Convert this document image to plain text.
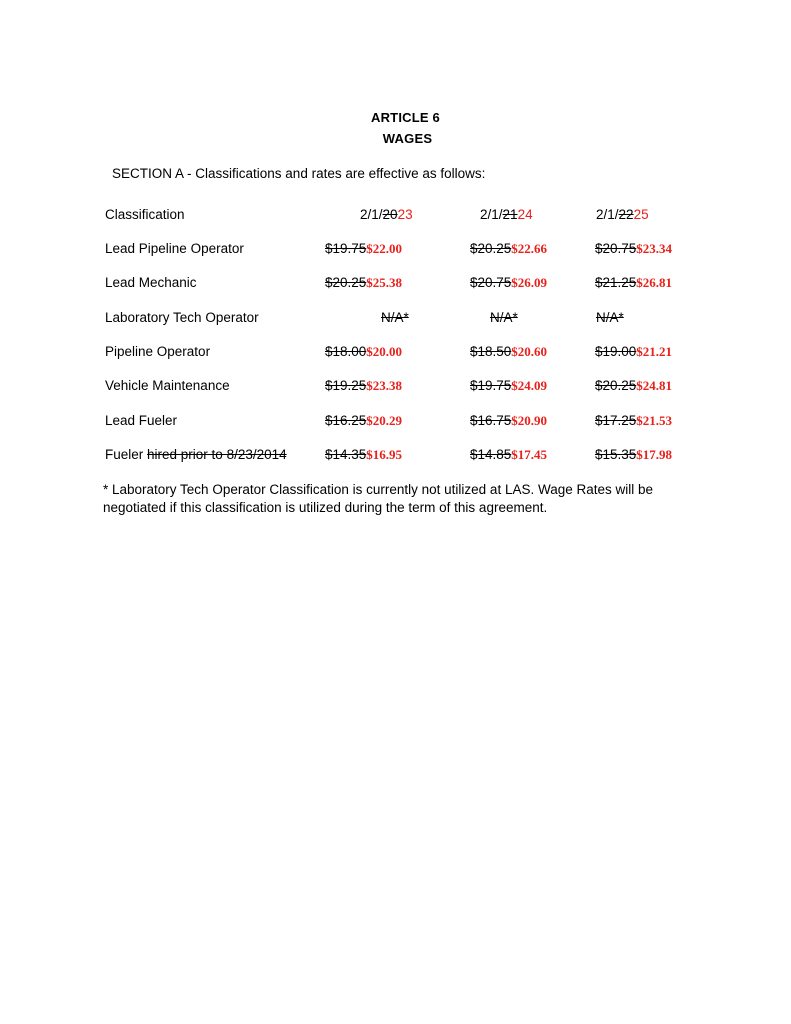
ARTICLE 6
WAGES
SECTION A - Classifications and rates are effective as follows:
Classification	2/1/2023	2/1/2124	2/1/2225
Lead Pipeline Operator	$19.75$22.00	$20.25$22.66	$20.75$23.34
Lead Mechanic	$20.25$25.38	$20.75$26.09	$21.25$26.81
Laboratory Tech Operator	N/A*	N/A*	N/A*
Pipeline Operator	$18.00$20.00	$18.50$20.60	$19.00$21.21
Vehicle Maintenance	$19.25$23.38	$19.75$24.09	$20.25$24.81
Lead Fueler	$16.25$20.29	$16.75$20.90	$17.25$21.53
Fueler hired prior to 8/23/2014	$14.35$16.95	$14.85$17.45	$15.35$17.98
* Laboratory Tech Operator Classification is currently not utilized at LAS. Wage Rates will be negotiated if this classification is utilized during the term of this agreement.
